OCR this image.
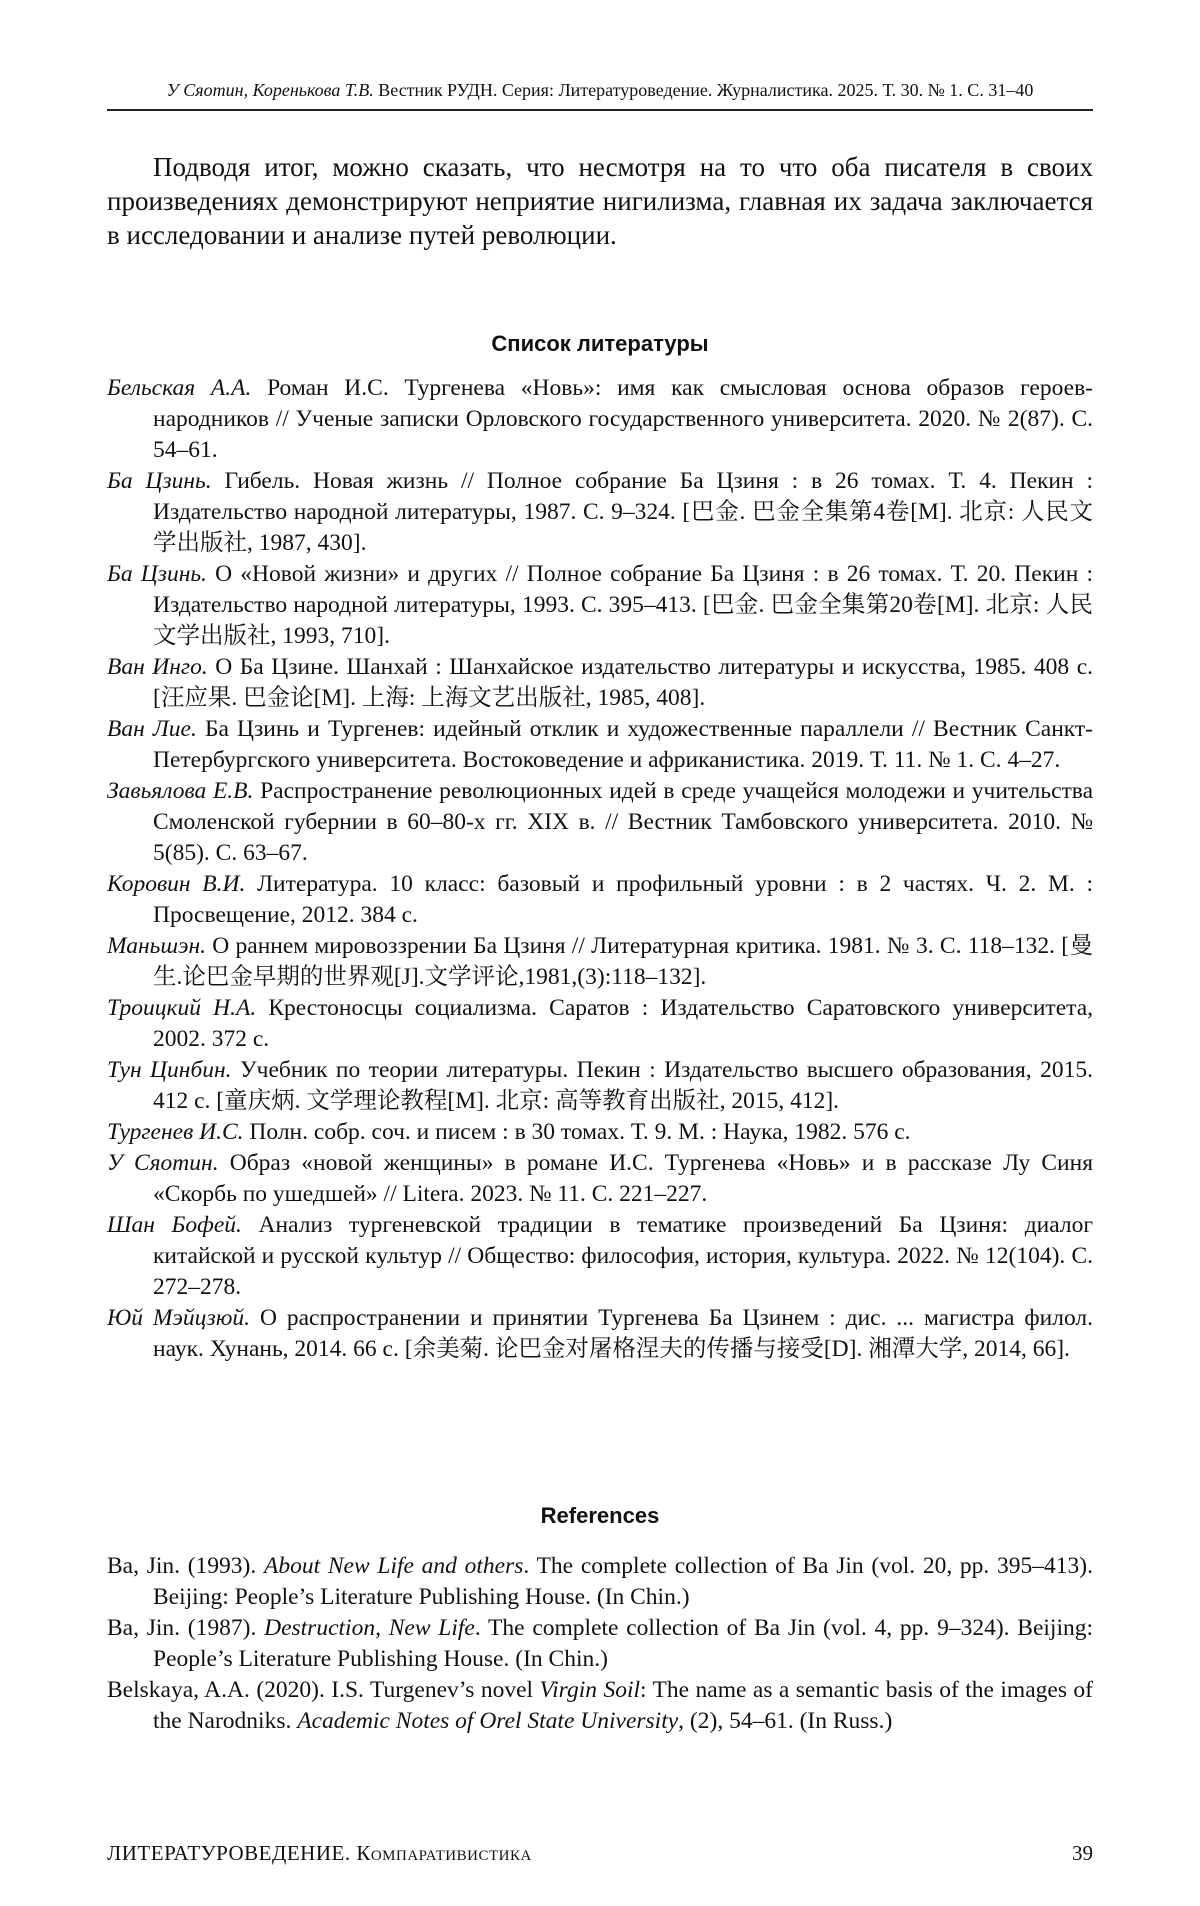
У Сяотин, Коренькова Т.В. Вестник РУДН. Серия: Литературоведение. Журналистика. 2025. Т. 30. № 1. С. 31–40
Подводя итог, можно сказать, что несмотря на то что оба писателя в своих произведениях демонстрируют неприятие нигилизма, главная их задача заключается в исследовании и анализе путей революции.
Список литературы

Бельская А.А. Роман И.С. Тургенева «Новь»: имя как смысловая основа образов героев-народников // Ученые записки Орловского государственного университета. 2020. № 2(87). С. 54–61.

Ба Цзинь. Гибель. Новая жизнь // Полное собрание Ба Цзиня : в 26 томах. Т. 4. Пекин : Издательство народной литературы, 1987. С. 9–324. [巴金. 巴金全集第4卷[M]. 北京: 人民文学出版社, 1987, 430].

Ба Цзинь. О «Новой жизни» и других // Полное собрание Ба Цзиня : в 26 томах. Т. 20. Пекин : Издательство народной литературы, 1993. С. 395–413. [巴金. 巴金全集第20卷[M]. 北京: 人民文学出版社, 1993, 710].

Ван Инго. О Ба Цзине. Шанхай : Шанхайское издательство литературы и искусства, 1985. 408 с. [汪应果. 巴金论[M]. 上海: 上海文艺出版社, 1985, 408].

Ван Лие. Ба Цзинь и Тургенев: идейный отклик и художественные параллели // Вестник Санкт-Петербургского университета. Востоковедение и африканистика. 2019. Т. 11. № 1. С. 4–27.

Завьялова Е.В. Распространение революционных идей в среде учащейся молодежи и учительства Смоленской губернии в 60–80-х гг. XIX в. // Вестник Тамбовского университета. 2010. № 5(85). С. 63–67.

Коровин В.И. Литература. 10 класс: базовый и профильный уровни : в 2 частях. Ч. 2. М. : Просвещение, 2012. 384 с.

Маньшэн. О раннем мировоззрении Ба Цзиня // Литературная критика. 1981. № 3. С. 118–132. [曼生.论巴金早期的世界观[J].文学评论,1981,(3):118–132].

Троицкий Н.А. Крестоносцы социализма. Саратов : Издательство Саратовского университета, 2002. 372 с.

Тун Цинбин. Учебник по теории литературы. Пекин : Издательство высшего образования, 2015. 412 с. [童庆炳. 文学理论教程[M]. 北京: 高等教育出版社, 2015, 412].

Тургенев И.С. Полн. собр. соч. и писем : в 30 томах. Т. 9. М. : Наука, 1982. 576 с.

У Сяотин. Образ «новой женщины» в романе И.С. Тургенева «Новь» и в рассказе Лу Синя «Скорбь по ушедшей» // Litera. 2023. № 11. С. 221–227.

Шан Бофей. Анализ тургеневской традиции в тематике произведений Ба Цзиня: диалог китайской и русской культур // Общество: философия, история, культура. 2022. № 12(104). С. 272–278.

Юй Мэйцзюй. О распространении и принятии Тургенева Ба Цзинем : дис. ... магистра филол. наук. Хунань, 2014. 66 с. [余美菊. 论巴金对屠格涅夫的传播与接受[D]. 湘潭大学, 2014, 66].

References

Ba, Jin. (1993). About New Life and others. The complete collection of Ba Jin (vol. 20, pp. 395–413). Beijing: People’s Literature Publishing House. (In Chin.)

Ba, Jin. (1987). Destruction, New Life. The complete collection of Ba Jin (vol. 4, pp. 9–324). Beijing: People’s Literature Publishing House. (In Chin.)

Belskaya, A.A. (2020). I.S. Turgenev’s novel Virgin Soil: The name as a semantic basis of the images of the Narodniks. Academic Notes of Orel State University, (2), 54–61. (In Russ.)

ЛИТЕРАТУРОВЕДЕНИЕ. Компаративистика	39
